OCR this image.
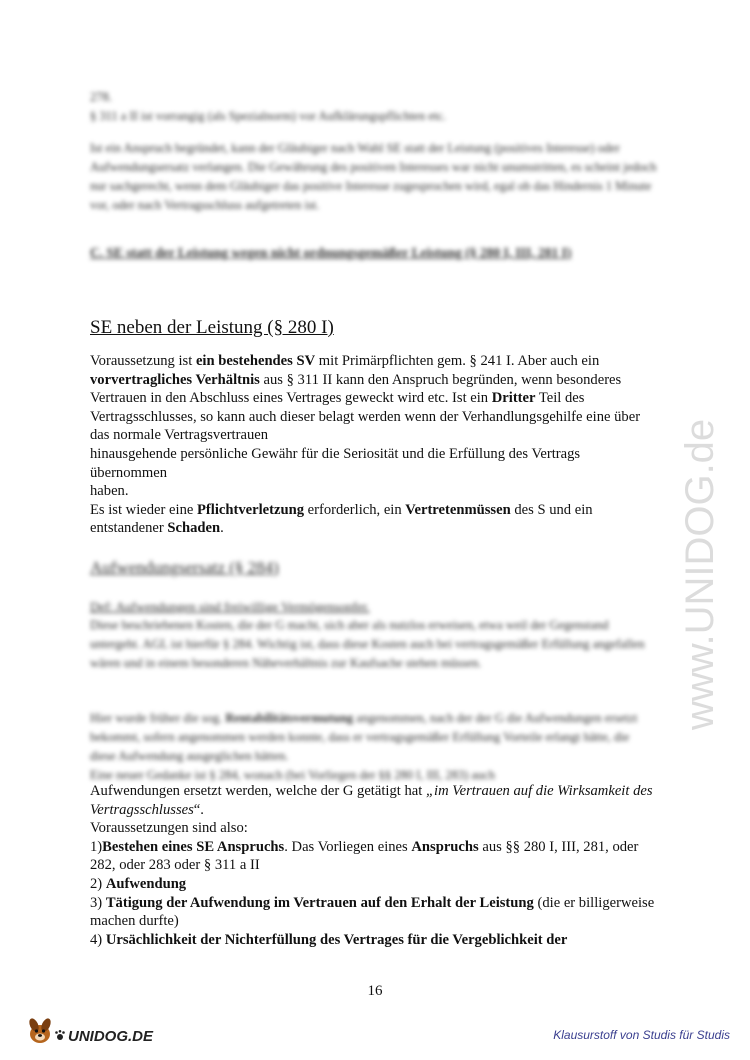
278.
§ 311 a II ist vorrangig (als Spezialnorm) vor Aufklärungspflichten etc.

Ist ein Anspruch begründet, kann der Gläubiger nach Wahl SE statt der Leistung (positives Interesse) oder Aufwendungsersatz verlangen. Die Gewährung des positiven Interesses war nicht unumstritten, es scheint jedoch nur sachgerecht, wenn dem Gläubiger das positive Interesse zugesprochen wird, egal ob das Hindernis 1 Minute vor, oder nach Vertragsschluss aufgetreten ist.

C. SE statt der Leistung wegen nicht ordnungsgemäßer Leistung (§ 280 I, III, 281 I)
SE neben der Leistung (§ 280 I)

Voraussetzung ist ein bestehendes SV mit Primärpflichten gem. § 241 I. Aber auch ein vorvertragliches Verhältnis aus § 311 II kann den Anspruch begründen, wenn besonderes Vertrauen in den Abschluss eines Vertrages geweckt wird etc. Ist ein Dritter Teil des Vertragsschlusses, so kann auch dieser belagt werden wenn der Verhandlungsgehilfe eine über das normale Vertragsvertrauen

hinausgehende persönliche Gewähr für die Seriosität und die Erfüllung des Vertrags übernommen
haben.

Es ist wieder eine Pflichtverletzung erforderlich, ein Vertretenmüssen des S und ein entstandener Schaden.

Aufwendungsersatz (§ 284)
Def: Aufwendungen sind freiwillige Vermögensopfer.

Diese beschriebenen Kosten, die der G macht, sich aber als nutzlos erweisen, etwa weil der Gegenstand untergeht. AGL ist hierfür § 284. Wichtig ist, dass diese Kosten auch bei vertragsgemäßer Erfüllung angefallen wären und in einem besonderen Näheverhältnis zur Kaufsache stehen müssen.

Hier wurde früher die sog. Rentabilitätsvermutung angenommen, nach der der G die Aufwendungen ersetzt bekommt, sofern angenommen werden konnte, dass er vertragsgemäßer Erfüllung Vorteile erlangt hätte, die diese Aufwendung ausgeglichen hätten.

Eine neuer Gedanke ist § 284, wonach (bei Vorliegen der §§ 280 I, III, 283) auch

Aufwendungen ersetzt werden, welche der G getätigt hat „im Vertrauen auf die Wirksamkeit des Vertragsschlusses“.

Voraussetzungen sind also:

1)Bestehen eines SE Anspruchs. Das Vorliegen eines Anspruchs aus §§ 280 I, III, 281, oder 282, oder 283 oder § 311 a II

2) Aufwendung

3) Tätigung der Aufwendung im Vertrauen auf den Erhalt der Leistung (die er billigerweise machen durfte)

4) Ursächlichkeit der Nichterfüllung des Vertrages für die Vergeblichkeit der

16
www.UNIDOG.de
UNIDOG.DE	Klausurstoff von Studis für Studis
